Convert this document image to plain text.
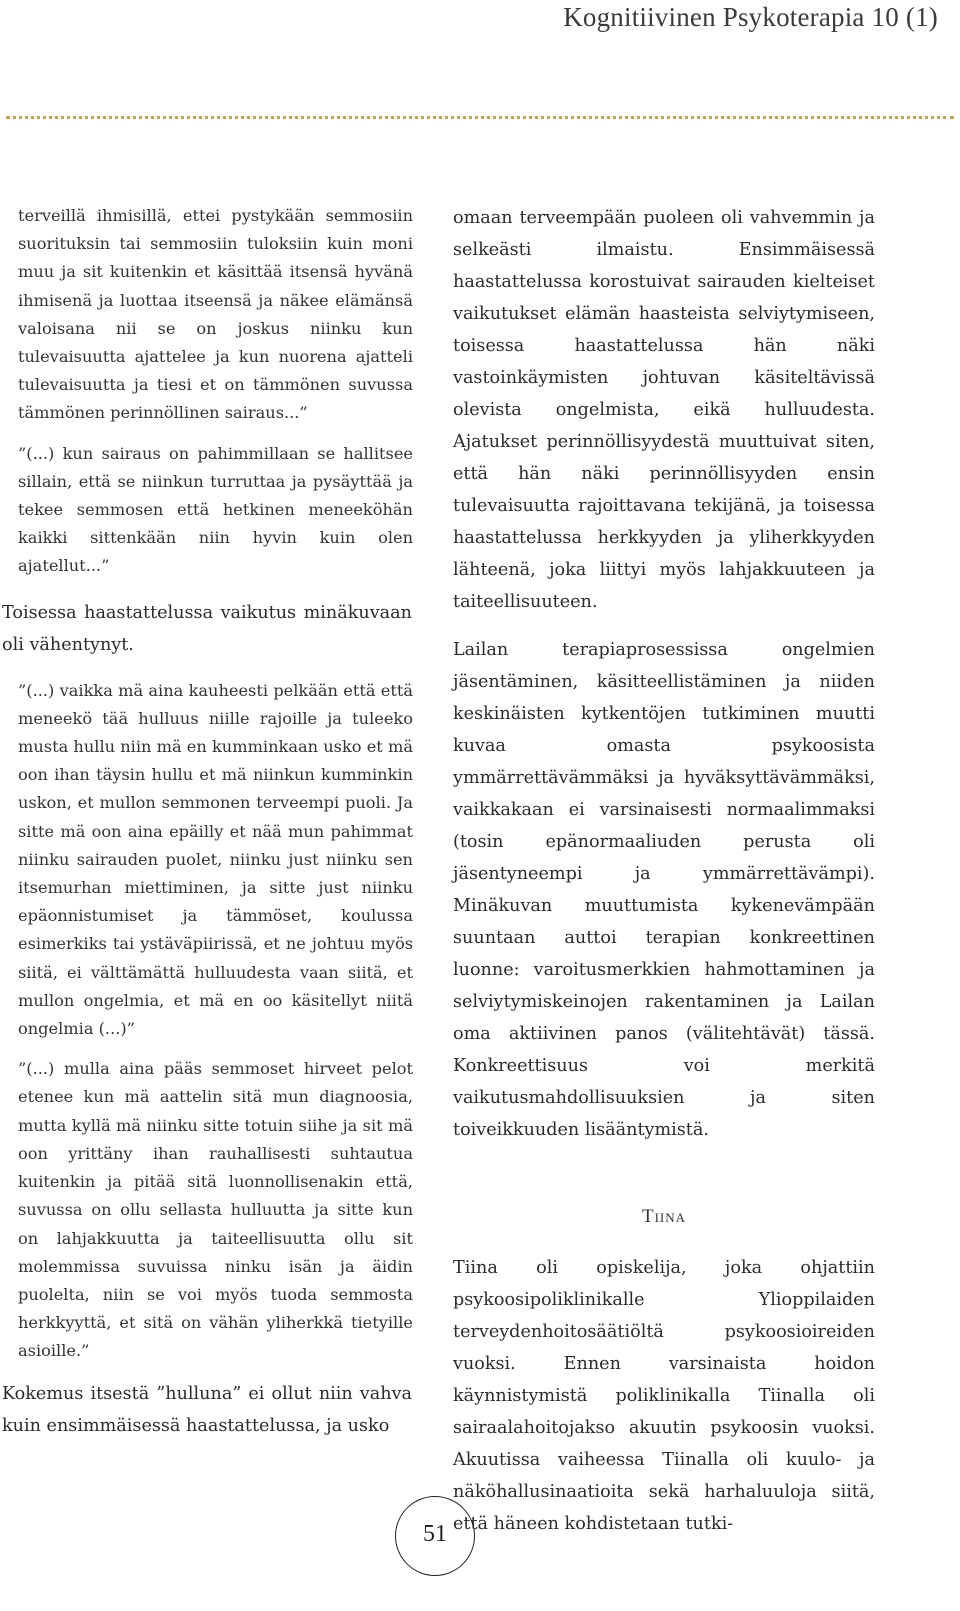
Kognitiivinen Psykoterapia 10 (1)

terveillä ihmisillä, ettei pystykään semmosiin suorituksin tai semmosiin tuloksiin kuin moni muu ja sit kuitenkin et käsittää itsensä hyvänä ihmisenä ja luottaa itseensä ja näkee elämänsä valoisana nii se on joskus niinku kun tulevaisuutta ajattelee ja kun nuorena ajatteli tulevaisuutta ja tiesi et on tämmönen suvussa tämmönen perinnöllinen sairaus...”

”(...) kun sairaus on pahimmillaan se hallitsee sillain, että se niinkun turruttaa ja pysäyttää ja tekee semmosen että hetkinen meneeköhän kaikki sittenkään niin hyvin kuin olen ajatellut...”

Toisessa haastattelussa vaikutus minäkuvaan oli vähentynyt.

”(...) vaikka mä aina kauheesti pelkään että että meneekö tää hulluus niille rajoille ja tuleeko musta hullu niin mä en kumminkaan usko et mä oon ihan täysin hullu et mä niinkun kumminkin uskon, et mullon semmonen terveempi puoli. Ja sitte mä oon aina epäilly et nää mun pahimmat niinku sairauden puolet, niinku just niinku sen itsemurhan miettiminen, ja sitte just niinku epäonnistumiset ja tämmöset, koulussa esimerkiks tai ystäväpiirissä, et ne johtuu myös siitä, ei välttämättä hulluudesta vaan siitä, et mullon ongelmia, et mä en oo käsitellyt niitä ongelmia (...)”

”(...) mulla aina pääs semmoset hirveet pelot etenee kun mä aattelin sitä mun diagnoosia, mutta kyllä mä niinku sitte totuin siihe ja sit mä oon yrittäny ihan rauhallisesti suhtautua kuitenkin ja pitää sitä luonnollisenakin että, suvussa on ollu sellasta hulluutta ja sitte kun on lahjakkuutta ja taiteellisuutta ollu sit molemmissa suvuissa ninku isän ja äidin puolelta, niin se voi myös tuoda semmosta herkkyyttä, et sitä on vähän yliherkkä tietyille asioille.”

Kokemus itsestä ”hulluna” ei ollut niin vahva kuin ensimmäisessä haastattelussa, ja usko

omaan terveempään puoleen oli vahvemmin ja selkeästi ilmaistu. Ensimmäisessä haastattelussa korostuivat sairauden kielteiset vaikutukset elämän haasteista selviytymiseen, toisessa haastattelussa hän näki vastoinkäymisten johtuvan käsiteltävissä olevista ongelmista, eikä hulluudesta. Ajatukset perinnöllisyydestä muuttuivat siten, että hän näki perinnöllisyyden ensin tulevaisuutta rajoittavana tekijänä, ja toisessa haastattelussa herkkyyden ja yliherkkyyden lähteenä, joka liittyi myös lahjakkuuteen ja taiteellisuuteen.

Lailan terapiaprosessissa ongelmien jäsentäminen, käsitteellistäminen ja niiden keskinäisten kytkentöjen tutkiminen muutti kuvaa omasta psykoosista ymmärrettävämmäksi ja hyväksyttävämmäksi, vaikkakaan ei varsinaisesti normaalimmaksi (tosin epänormaaliuden perusta oli jäsentyneempi ja ymmärrettävämpi). Minäkuvan muuttumista kykenevämpään suuntaan auttoi terapian konkreettinen luonne: varoitusmerkkien hahmottaminen ja selviytymiskeinojen rakentaminen ja Lailan oma aktiivinen panos (välitehtävät) tässä. Konkreettisuus voi merkitä vaikutusmahdollisuuksien ja siten toiveikkuuden lisääntymistä.

Tiina

Tiina oli opiskelija, joka ohjattiin psykoosipoliklinikalle Ylioppilaiden terveydenhoitosäätiöltä psykoosioireiden vuoksi. Ennen varsinaista hoidon käynnistymistä poliklinikalla Tiinalla oli sairaalahoitojakso akuutin psykoosin vuoksi. Akuutissa vaiheessa Tiinalla oli kuulo- ja näköhallusinaatioita sekä harhaluuloja siitä, että häneen kohdistetaan tutki-

51
